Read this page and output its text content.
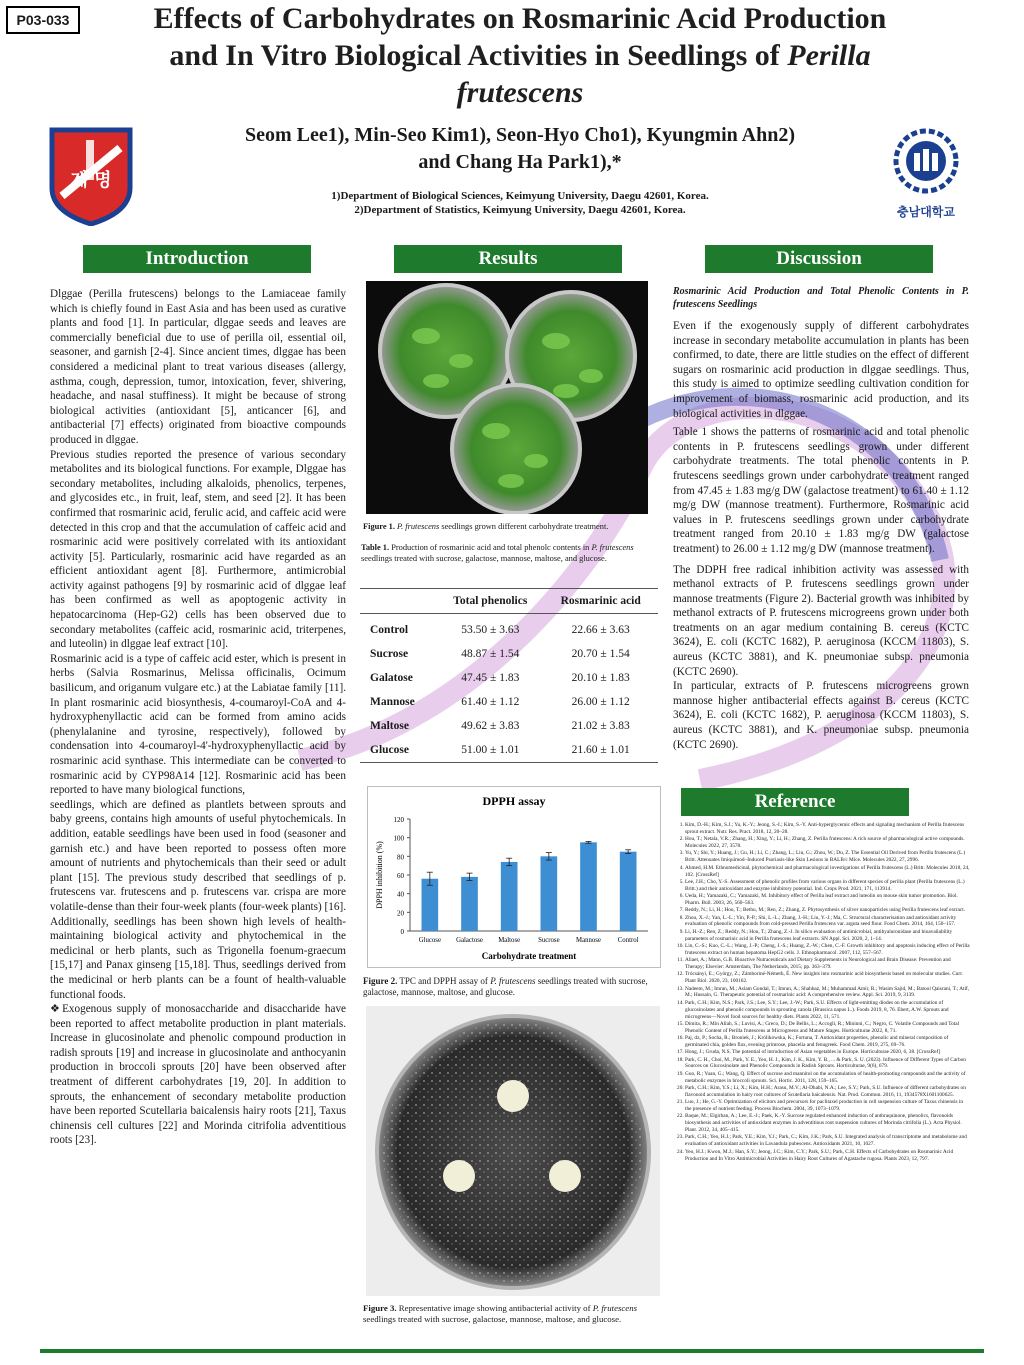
P03-033	Effects of Carbohydrates on Rosmarinic Acid Production
and In Vitro Biological Activities in Seedlings of Perilla
frutescens
Seom Lee1), Min-Seo Kim1), Seon-Hyo Cho1), Kyungmin Ahn2)
and Chang Ha Park1),*
1)Department of Biological Sciences, Keimyung University, Daegu 42601, Korea.
2)Department of Statistics, Keimyung University, Daegu 42601, Korea.
계 명
충남대학교
Introduction	Results	Discussion
Reference

Dlggae (Perilla frutescens) belongs to the Lamiaceae family which is chiefly found in East Asia and has been used as curative plants and food [1]. In particular, dlggae seeds and leaves are commercially beneficial due to use of perilla oil, essential oil, seasoner, and garnish [2-4]. Since ancient times, dlggae has been considered a medicinal plant to treat various diseases (allergy, asthma, cough, depression, tumor, intoxication, fever, shivering, headache, and nasal stuffiness). It might be because of strong biological activities (antioxidant [5], anticancer [6], and antibacterial [7] effects) originated from bioactive compounds produced in dlggae.

Previous studies reported the presence of various secondary metabolites and its biological functions. For example, Dlggae has secondary metabolites, including alkaloids, phenolics, terpenes, and glycosides etc., in fruit, leaf, stem, and seed [2]. It has been confirmed that rosmarinic acid, ferulic acid, and caffeic acid were detected in this crop and that the accumulation of caffeic acid and rosmarinic acid were positively correlated with its antioxidant activity [5]. Particularly, rosmarinic acid have regarded as an efficient antioxidant agent [8]. Furthermore, antimicrobial activity against pathogens [9] by rosmarinic acid of dlggae leaf has been confirmed as well as apoptogenic activity in hepatocarcinoma (Hep-G2) cells has been observed due to secondary metabolites (caffeic acid, rosmarinic acid, triterpenes, and luteolin) in dlggae leaf extract [10].

Rosmarinic acid is a type of caffeic acid ester, which is present in herbs (Salvia Rosmarinus, Melissa officinalis, Ocimum basilicum, and origanum vulgare etc.) at the Labiatae family [11]. In plant rosmarinic acid biosynthesis, 4-coumaroyl-CoA and 4-hydroxyphenyllactic acid can be formed from amino acids (phenylalanine and tyrosine, respectively), followed by condensation into 4-coumaroyl-4'-hydroxyphenyllactic acid by rosmarinic acid synthase. This intermediate can be converted to rosmarinic acid by CYP98A14 [12]. Rosmarinic acid has been reported to have many biological functions,

seedlings, which are defined as plantlets between sprouts and baby greens, contains high amounts of useful phytochemicals. In addition, eatable seedlings have been used in food (seasoner and garnish etc.) and have been reported to possess often more amount of nutrients and phytochemicals than their seed or adult plant [15]. The previous study described that seedlings of p. frutescens var. frutescens and p. frutescens var. crispa are more volatile-dense than their four-week plants (four-week plants) [16]. Additionally, seedlings has been shown high levels of health-maintaining biological activity and phytochemical in the medicinal or herb plants, such as Trigonella foenum-graecum [15,17] and Panax ginseng [15,18]. Thus, seedlings derived from the medicinal or herb plants can be a fount of health-valuable functional foods.

❖Exogenous supply of monosaccharide and disaccharide have been reported to affect metabolite production in plant materials. Increase in glucosinolate and phenolic compound production in radish sprouts [19] and increase in glucosinolate and anthocyanin production in broccoli sprouts [20] have been observed after treatment of different carbohydrates [19, 20]. In addition to sprouts, the enhancement of secondary metabolite production have been reported Scutellaria baicalensis hairy roots [21], Taxus chinensis cell cultures [22] and Morinda citrifolia adventitious roots [23].

Figure 1. P. frutescens seedlings grown different carbohydrate treatment.
Table 1. Production of rosmarinic acid and total phenolc contents in P. frutescens seedlings treated with sucrose, galactose, mannose, maltose, and glucose.
	Total phenolics	Rosmarinic acid
Control	53.50 ± 3.63	22.66 ± 3.63
Sucrose	48.87 ± 1.54	20.70 ± 1.54
Galatose	47.45 ± 1.83	20.10 ± 1.83
Mannose	61.40 ± 1.12	26.00 ± 1.12
Maltose	49.62 ± 3.83	21.02 ± 3.83
Glucose	51.00 ± 1.01	21.60 ± 1.01
DPPH assay
0
20
40
60
80
100
120
Glucose Galactose Maltose	Sucrose Mannose Control
Carbohydrate treatment
DPPH inhibition (%)
Figure 2. TPC and DPPH assay of P. frutescens seedlings treated with sucrose, galactose, mannose, maltose, and glucose.
Figure 3. Representative image showing antibacterial activity of P. frutescens seedlings treated with sucrose, galactose, mannose, maltose, and glucose.

Rosmarinic Acid Production and Total Phenolic Contents in P. frutescens Seedlings

Even if the exogenously supply of different carbohydrates increase in secondary metabolite accumulation in plants has been confirmed, to date, there are little studies on the effect of different sugars on rosmarinic acid production in dlggae seedlings. Thus, this study is aimed to optimize seedling cultivation condition for improvement of biomass, rosmarinic acid production, and its biological activities in dlggae.

Table 1 shows the patterns of rosmarinic acid and total phenolic contents in P. frutescens seedlings grown under different carbohydrate treatments. The total phenolic contents in P. frutescens seedlings grown under carbohydrate treatment ranged from 47.45 ± 1.83 mg/g DW (galactose treatment) to 61.40 ± 1.12 mg/g DW (mannose treatment). Furthermore, Rosmarinic acid values in P. frutescens seedlings grown under carbohydrate treatment ranged from 20.10 ± 1.83 mg/g DW (galactose treatment) to 26.00 ± 1.12 mg/g DW (mannose treatment).

The DDPH free radical inhibition activity was assessed with methanol extracts of P. frutescens seedlings grown under mannose treatments (Figure 2). Bacterial growth was inhibited by methanol extracts of P. frutescens microgreens grown under both treatments on an agar medium containing B. cereus (KCTC 3624), E. coli (KCTC 1682), P. aeruginosa (KCCM 11803), S. aureus (KCTC 3881), and K. pneumoniae subsp. pneumonia (KCTC 2690).

In particular, extracts of P. frutescens microgreens grown mannose higher antibacterial effects against B. cereus (KCTC 3624), E. coli (KCTC 1682), P. aeruginosa (KCCM 11803), S. aureus (KCTC 3881), and K. pneumoniae subsp. pneumonia (KCTC 2690).

1. Kim, D.-H.; Kim, S.J.; Yu, K.-Y.; Jeong, S.-I.; Kim, S.-Y. Anti-hyperglycemic effects and signaling mechanism of Perilla frutescens sprout extract. Nutr. Res. Pract. 2018, 12, 20–28.
2. Hou, T.; Netala, V.R.; Zhang, H.; Xing, Y.; Li, H.; Zhang, Z. Perilla frutescens: A rich source of pharmacological active compounds. Molecules 2022, 27, 3578.
3. Yu, Y.; Shi, Y.; Huang, J.; Gu, H.; Li, C.; Zhang, L.; Liu, G.; Zhou, W.; Du, Z. The Essential Oil Derived from Perilla frutescens (L.) Britt. Attenuates Imiquimod–Induced Psoriasis-like Skin Lesions in BALB/c Mice. Molecules 2022, 27, 2996.
4. Ahmed, H.M. Ethnomedicinal, phytochemical and pharmacological investigations of Perilla frutescens (L.) Britt. Molecules 2018, 24, 102. [CrossRef]
5. Lee, J.H.; Cho, Y.-S. Assessment of phenolic profiles from various organs in different species of perilla plant (Perilla frutescens (L.) Britt.) and their antioxidant and enzyme inhibitory potential. Ind. Crops Prod. 2021, 171, 113914.
6. Ueda, H.; Yamazaki, C.; Yamazaki, M. Inhibitory effect of Perilla leaf extract and luteolin on mouse skin tumor promotion. Biol. Pharm. Bull. 2003, 26, 560–563.
7. Reddy, N.; Li, H.; Hou, T.; Bethu, M.; Ren, Z.; Zhang, Z. Phytosynthesis of silver nanoparticles using Perilla frutescens leaf extract.
8. Zhou, X.-J.; Yan, L.-L.; Yin, P.-P.; Shi, L.-L.; Zhang, J.-H.; Liu, Y.-J.; Ma, C. Structural characterisation and antioxidant activity evaluation of phenolic compounds from cold-pressed Perilla frutescens var. arguta seed flour. Food Chem. 2014, 164, 150–157.
9. Li, H.-Z.; Ren, Z.; Reddy, N.; Hou, T.; Zhang, Z.-J. In silico evaluation of antimicrobial, antihyaluronidase and bioavailability parameters of rosmarinic acid in Perilla frutescens leaf extracts. SN Appl. Sci. 2020, 2, 1–14.
10. Lin, C.-S.; Kuo, C.-L.; Wang, J.-P.; Cheng, J.-S.; Huang, Z.-W.; Chen, C.-F. Growth inhibitory and apoptosis inducing effect of Perilla frutescens extract on human hepatoma HepG2 cells. J. Ethnopharmacol. 2007, 112, 557–567.
11. Aliaet, A.; Mann, G.B. Bioactive Nutraceuticals and Dietary Supplements in Neurological and Brain Disease: Prevention and Therapy; Elsevier: Amsterdam, The Netherlands, 2015; pp. 363–379.
12. Trócsányi, E.; György, Z.; Zámboriné-Németh, É. New insights into rosmarinic acid biosynthesis based on molecular studies. Curr. Plant Biol. 2020, 23, 100162.
13. Nadeem, M.; Imran, M.; Aslam Gondal, T.; Imran, A.; Shahbaz, M.; Muhammad Amir, R.; Wasim Sajid, M.; Batool Qaisrani, T.; Atif, M.; Hussain, G. Therapeutic potential of rosmarinic acid: A comprehensive review. Appl. Sci. 2019, 9, 3139.
14. Park, C.H.; Kim, N.S.; Park, J.S.; Lee, S.Y.; Lee, J.-W.; Park, S.U. Effects of light-emitting diodes on the accumulation of glucosinolates and phenolic compounds in sprouting canola (Brassica napus L.). Foods 2019, 8, 76. Ebert, A.W. Sprouts and microgreens—Novel food sources for healthy diets. Plants 2022, 11, 571.
15. Dimita, R.; Min Allah, S.; Luvisi, A.; Greco, D.; De Bellis, L.; Accogli, R.; Mininni, C.; Negro, C. Volatile Compounds and Total Phenolic Content of Perilla frutescens at Microgreens and Mature Stages. Horticulturae 2022, 8, 71.
16. Paj, dz, P.; Socha, R.; Broniek, J.; Królikowska, K.; Fortuna, T. Antioxidant properties, phenolic and mineral composition of germinated chia, golden flax, evening primrose, phacelia and fenugreek. Food Chem. 2019, 275, 69–76.
17. Hong, J.; Gruda, N.S. The potential of introduction of Asian vegetables in Europe. Horticulturae 2020, 6, 38. [CrossRef]
18. Park, C. H., Choi, M., Park, Y. E., Yeo, H. J., Kim, J. K., Kim, Y. B., ... & Park, S. U. (2023). Influence of Different Types of Carbon Sources on Glucosinolate and Phenolic Compounds in Radish Sprouts. Horticulturae, 9(6), 679.
19. Guo, R.; Yuan, G.; Wang, Q. Effect of sucrose and mannitol on the accumulation of health-promoting compounds and the activity of metabolic enzymes in broccoli sprouts. Sci. Hortic. 2011, 128, 159–165.
20. Park, C.H.; Kim, Y.S.; Li, X.; Kim, H.H.; Arasu, M.V.; Al-Dhabi, N.A.; Lee, S.Y.; Park, S.U. Influence of different carbohydrates on flavonoid accumulation in hairy root cultures of Scutellaria baicalensis. Nat. Prod. Commun. 2016, 11, 1934578X1601100625.
21. Luo, J.; He, G.-Y. Optimization of elicitors and precursors for paclitaxel production in cell suspension culture of Taxus chinensis in the presence of nutrient feeding. Process Biochem. 2004, 39, 1073–1079.
22. Baque, M.; Elgirban, A.; Lee, E.-J.; Paek, K.-Y. Sucrose regulated enhanced induction of anthraquinone, phenolics, flavonoids biosynthesis and activities of antioxidant enzymes in adventitious root suspension cultures of Morinda citrifolia (L.). Acta Physiol. Plant. 2012, 34, 405–415.
23. Park, C.H.; Yeo, H.J.; Park, Y.E.; Kim, Y.J.; Park, C.; Kim, J.K.; Park, S.U. Integrated analysis of transcriptome and metabolome and evaluation of antioxidant activities in Lavandula pubescens. Antioxidants 2021, 10, 1027.
24. Yeo, H.J.; Kwon, M.J.; Han, S.Y.; Jeong, J.C.; Kim, C.Y.; Park, S.U.; Park, C.H. Effects of Carbohydrates on Rosmarinic Acid Production and In Vitro Antimicrobial Activities in Hairy Root Cultures of Agastache rugosa. Plants 2023, 12, 797.
